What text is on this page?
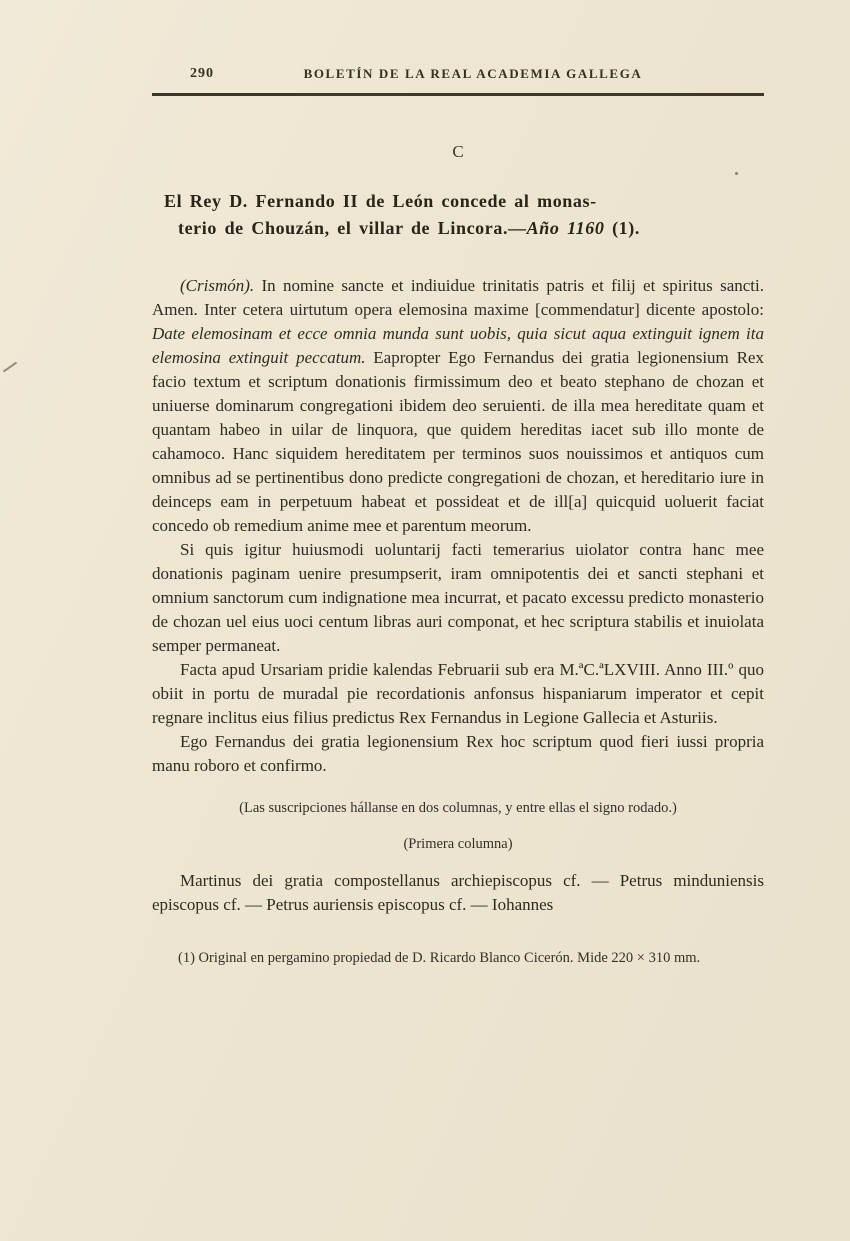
290	BOLETÍN DE LA REAL ACADEMIA GALLEGA
C
El Rey D. Fernando II de León concede al monas-
terio de Chouzán, el villar de Lincora.—Año 1160 (1).

(Crismón). In nomine sancte et indiuidue trinitatis patris et filij et spiritus sancti. Amen. Inter cetera uirtutum opera elemosina maxime [commendatur] dicente apostolo: Date elemosinam et ecce omnia munda sunt uobis, quia sicut aqua extinguit ignem ita elemosina extinguit peccatum. Eapropter Ego Fernandus dei gratia legionensium Rex facio textum et scriptum donationis firmissimum deo et beato stephano de chozan et uniuerse dominarum congregationi ibidem deo seruienti. de illa mea hereditate quam et quantam habeo in uilar de linquora, que quidem hereditas iacet sub illo monte de cahamoco. Hanc siquidem hereditatem per terminos suos nouissimos et antiquos cum omnibus ad se pertinentibus dono predicte congregationi de chozan, et hereditario iure in deinceps eam in perpetuum habeat et possideat et de ill[a] quicquid uoluerit faciat concedo ob remedium anime mee et parentum meorum.

Si quis igitur huiusmodi uoluntarij facti temerarius uiolator contra hanc mee donationis paginam uenire presumpserit, iram omnipotentis dei et sancti stephani et omnium sanctorum cum indignatione mea incurrat, et pacato excessu predicto monasterio de chozan uel eius uoci centum libras auri componat, et hec scriptura stabilis et inuiolata semper permaneat.

Facta apud Ursariam pridie kalendas Februarii sub era M.ªC.ªLXVIII. Anno III.º quo obiit in portu de muradal pie recordationis anfonsus hispaniarum imperator et cepit regnare inclitus eius filius predictus Rex Fernandus in Legione Gallecia et Asturiis.

Ego Fernandus dei gratia legionensium Rex hoc scriptum quod fieri iussi propria manu roboro et confirmo.

(Las suscripciones hállanse en dos columnas, y entre ellas el signo rodado.)
(Primera columna)

Martinus dei gratia compostellanus archiepiscopus cf. — Petrus minduniensis episcopus cf. — Petrus auriensis episcopus cf. — Iohannes

(1) Original en pergamino propiedad de D. Ricardo Blanco Cicerón. Mide 220 × 310 mm.
